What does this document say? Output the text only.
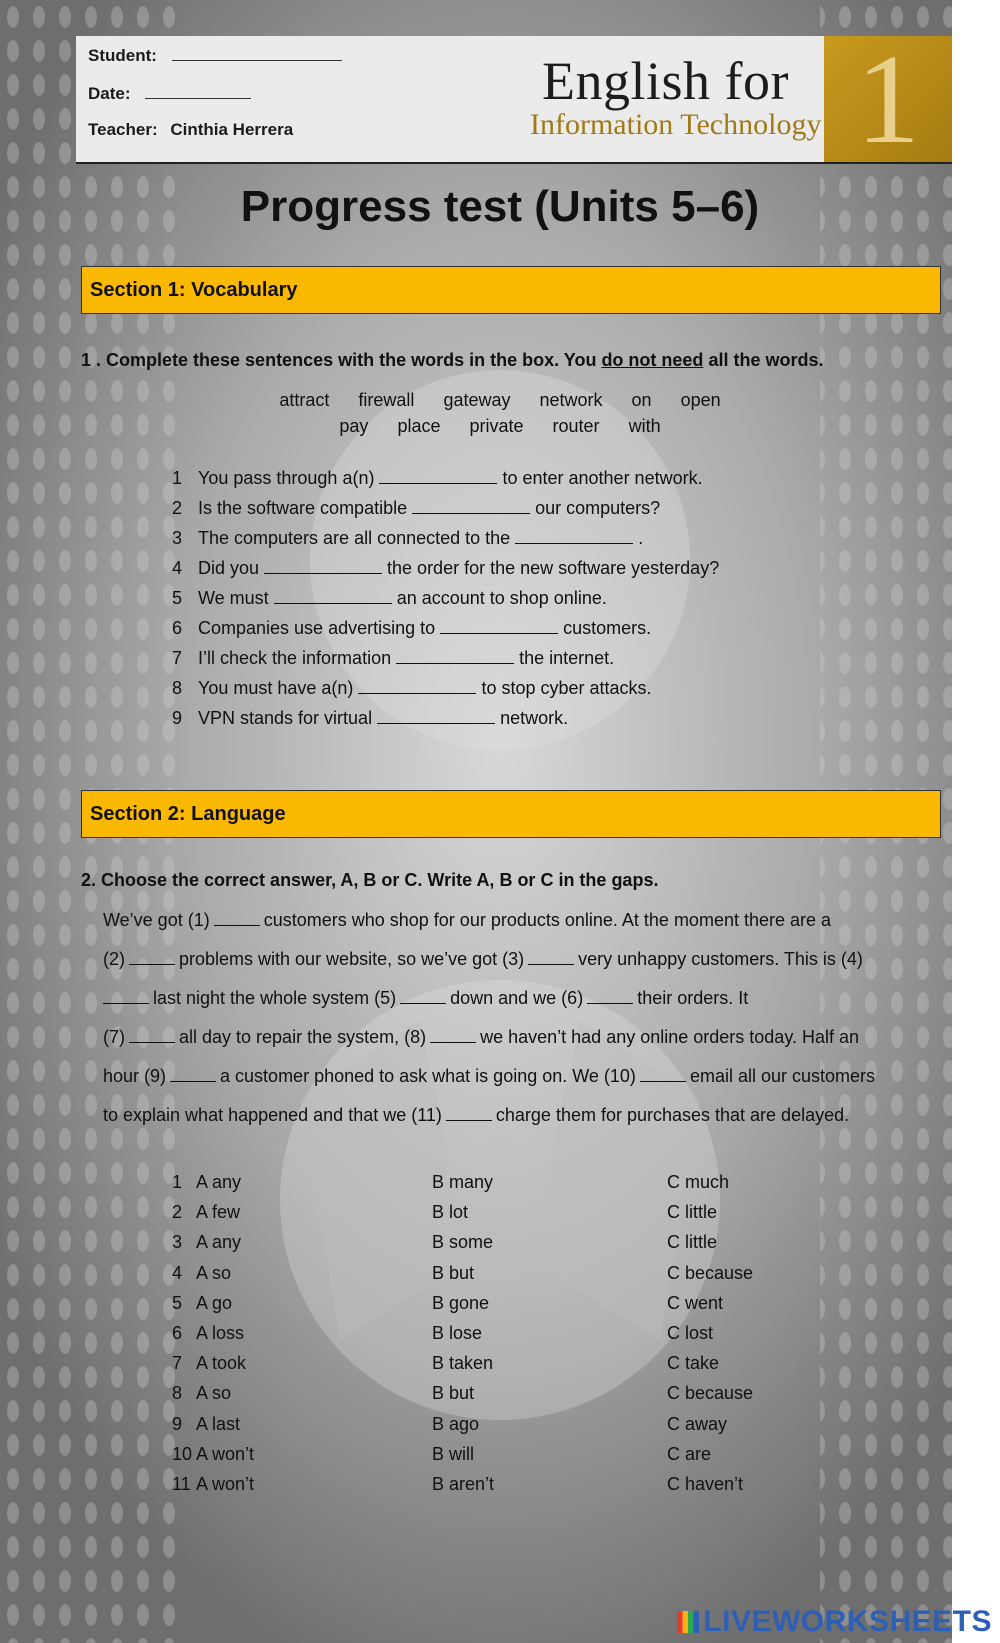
Student:
Date:
Teacher: Cinthia Herrera
English for
Information Technology 1
Progress test (Units 5–6)
Section 1: Vocabulary
1 . Complete these sentences with the words in the box. You do not need all the words.
attract firewall gateway network on open
pay place private router with
1 You pass through a(n)	to enter another network.
2 Is the software compatible	our computers?
3 The computers are all connected to the	.
4 Did you	the order for the new software yesterday?
5 We must	an account to shop online.
6 Companies use advertising to	customers.
7 I’ll check the information	the internet.
8 You must have a(n)	to stop cyber attacks.
9 VPN stands for virtual	network.
Section 2: Language
2. Choose the correct answer, A, B or C. Write A, B or C in the gaps.
We’ve got (1)	customers who shop for our products online. At the moment there are a
(2)	problems with our website, so we’ve got (3)	very unhappy customers. This is (4)
last night the whole system (5)	down and we (6)	their orders. It
(7)	all day to repair the system, (8)	we haven’t had any online orders today. Half an
hour (9)	a customer phoned to ask what is going on. We (10)	email all our customers
to explain what happened and that we (11)	charge them for purchases that are delayed.
1 A any	B many	C much
2 A few	B lot	C little
3 A any	B some	C little
4 A so	B but	C because
5 A go	B gone	C went
6 A loss	B lose	C lost
7 A took	B taken	C take
8 A so	B but	C because
9 A last	B ago	C away
10 A won’t	B will	C are
11 A won’t	B aren’t	C haven’t
LIVEWORKSHEETS
